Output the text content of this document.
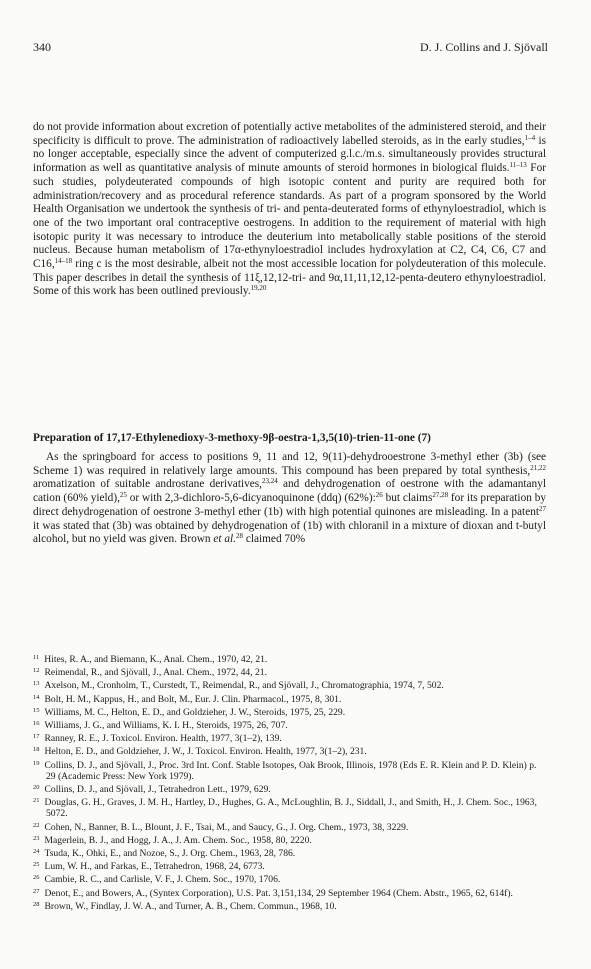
340	D. J. Collins and J. Sjövall

do not provide information about excretion of potentially active metabolites of the administered steroid, and their specificity is difficult to prove. The administration of radioactively labelled steroids, as in the early studies,$^{1-4}$ is no longer acceptable, especially since the advent of computerized g.l.c./m.s. simultaneously provides structural information as well as quantitative analysis of minute amounts of steroid hormones in biological fluids.$^{11-13}$ For such studies, polydeuterated compounds of high isotopic content and purity are required both for administration/recovery and as procedural reference standards. As part of a program sponsored by the World Health Organisation we undertook the synthesis of tri- and penta-deuterated forms of ethynyloestradiol, which is one of the two important oral contraceptive oestrogens. In addition to the requirement of material with high isotopic purity it was necessary to introduce the deuterium into metabolically stable positions of the steroid nucleus. Because human metabolism of 17α-ethynyloestradiol includes hydroxylation at C2, C4, C6, C7 and C16,$^{14-18}$ ring c is the most desirable, albeit not the most accessible location for polydeuteration of this molecule. This paper describes in detail the synthesis of 11ξ,12,12-tri- and 9α,11,11,12,12-penta-deutero ethynyloestradiol. Some of this work has been outlined previously.$^{19,20}$

Preparation of 17,17-Ethylenedioxy-3-methoxy-9β-oestra-1,3,5(10)-trien-11-one (7)

As the springboard for access to positions 9, 11 and 12, 9(11)-dehydrooestrone 3-methyl ether (3b) (see Scheme 1) was required in relatively large amounts. This compound has been prepared by total synthesis,$^{21,22}$ aromatization of suitable androstane derivatives,$^{23,24}$ and dehydrogenation of oestrone with the adamantanyl cation (60% yield),$^{25}$ or with 2,3-dichloro-5,6-dicyanoquinone (ddq) (62%):$^{26}$ but claims$^{27,28}$ for its preparation by direct dehydrogenation of oestrone 3-methyl ether (1b) with high potential quinones are misleading. In a patent$^{27}$ it was stated that (3b) was obtained by dehydrogenation of (1b) with chloranil in a mixture of dioxan and t-butyl alcohol, but no yield was given. Brown et al.$^{28}$ claimed 70%

$^{11}$ Hites, R. A., and Biemann, K., Anal. Chem., 1970, 42, 21.

$^{12}$ Reimendal, R., and Sjövall, J., Anal. Chem., 1972, 44, 21.

$^{13}$ Axelson, M., Cronholm, T., Curstedt, T., Reimendal, R., and Sjövall, J., Chromatographia, 1974, 7, 502.

$^{14}$ Bolt, H. M., Kappus, H., and Bolt, M., Eur. J. Clin. Pharmacol., 1975, 8, 301.

$^{15}$ Williams, M. C., Helton, E. D., and Goldzieher, J. W., Steroids, 1975, 25, 229.

$^{16}$ Williams, J. G., and Williams, K. I. H., Steroids, 1975, 26, 707.

$^{17}$ Ranney, R. E., J. Toxicol. Environ. Health, 1977, 3(1–2), 139.

$^{18}$ Helton, E. D., and Goldzieher, J. W., J. Toxicol. Environ. Health, 1977, 3(1–2), 231.

$^{19}$ Collins, D. J., and Sjövall, J., Proc. 3rd Int. Conf. Stable Isotopes, Oak Brook, Illinois, 1978 (Eds E. R. Klein and P. D. Klein) p. 29 (Academic Press: New York 1979).

$^{20}$ Collins, D. J., and Sjövall, J., Tetrahedron Lett., 1979, 629.

$^{21}$ Douglas, G. H., Graves, J. M. H., Hartley, D., Hughes, G. A., McLoughlin, B. J., Siddall, J., and Smith, H., J. Chem. Soc., 1963, 5072.

$^{22}$ Cohen, N., Banner, B. L., Blount, J. F., Tsai, M., and Saucy, G., J. Org. Chem., 1973, 38, 3229.

$^{23}$ Magerlein, B. J., and Hogg, J. A., J. Am. Chem. Soc., 1958, 80, 2220.

$^{24}$ Tsuda, K., Ohki, E., and Nozoe, S., J. Org. Chem., 1963, 28, 786.

$^{25}$ Lum, W. H., and Farkas, E., Tetrahedron, 1968, 24, 6773.

$^{26}$ Cambie, R. C., and Carlisle, V. F., J. Chem. Soc., 1970, 1706.

$^{27}$ Denot, E., and Bowers, A., (Syntex Corporation), U.S. Pat. 3,151,134, 29 September 1964 (Chem. Abstr., 1965, 62, 614f).

$^{28}$ Brown, W., Findlay, J. W. A., and Turner, A. B., Chem. Commun., 1968, 10.
